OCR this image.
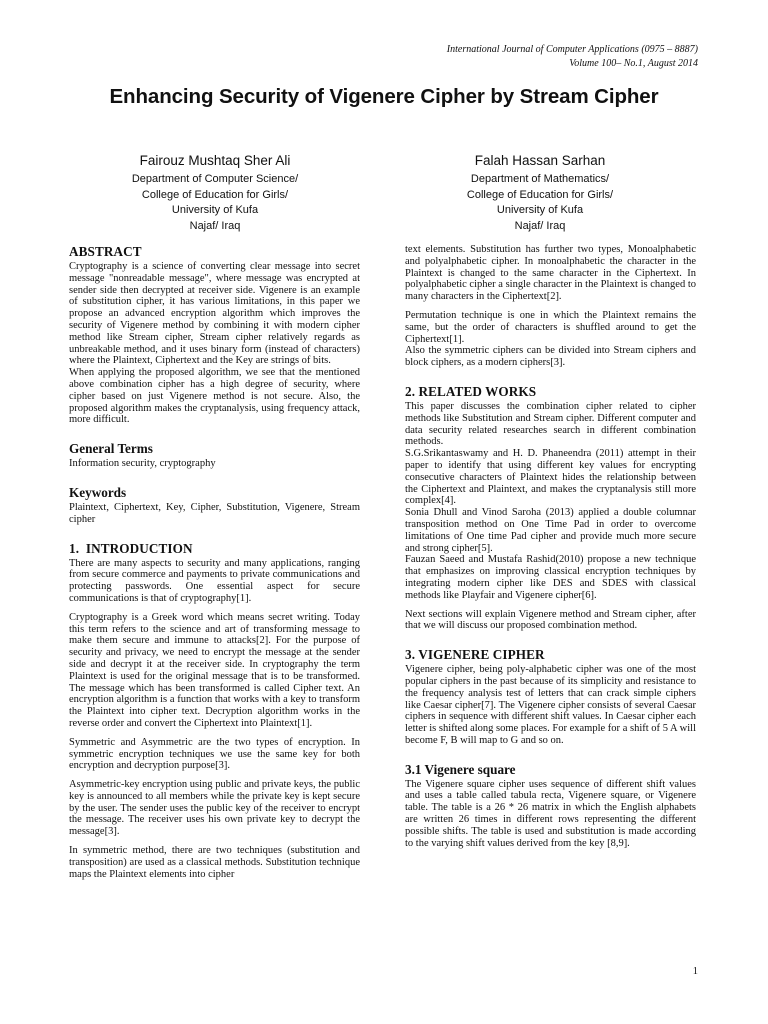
International Journal of Computer Applications (0975 – 8887)
Volume 100– No.1, August 2014
Enhancing Security of Vigenere Cipher by Stream Cipher
Fairouz Mushtaq Sher Ali
Department of Computer Science/
College of Education for Girls/
University of Kufa
Najaf/ Iraq
Falah Hassan Sarhan
Department of Mathematics/
College of Education for Girls/
University of Kufa
Najaf/ Iraq
ABSTRACT

Cryptography is a science of converting clear message into secret message "nonreadable message", where message was encrypted at sender side then decrypted at receiver side. Vigenere is an example of substitution cipher, it has various limitations, in this paper we propose an advanced encryption algorithm which improves the security of Vigenere method by combining it with modern cipher method like Stream cipher, Stream cipher relatively regards as unbreakable method, and it uses binary form (instead of characters) where the Plaintext, Ciphertext and the Key are strings of bits.

When applying the proposed algorithm, we see that the mentioned above combination cipher has a high degree of security, where cipher based on just Vigenere method is not secure. Also, the proposed algorithm makes the cryptanalysis, using frequency attack, more difficult.

General Terms

Information security, cryptography

Keywords

Plaintext, Ciphertext, Key, Cipher, Substitution, Vigenere, Stream cipher

1.  INTRODUCTION

There are many aspects to security and many applications, ranging from secure commerce and payments to private communications and protecting passwords. One essential aspect for secure communications is that of cryptography[1].

Cryptography is a Greek word which means secret writing. Today this term refers to the science and art of transforming message to make them secure and immune to attacks[2]. For the purpose of security and privacy, we need to encrypt the message at the sender side and decrypt it at the receiver side. In cryptography the term Plaintext is used for the original message that is to be transformed. The message which has been transformed is called Cipher text. An encryption algorithm is a function that works with a key to transform the Plaintext into cipher text. Decryption algorithm works in the reverse order and convert the Ciphertext into Plaintext[1].

Symmetric and Asymmetric are the two types of encryption. In symmetric encryption techniques we use the same key for both encryption and decryption purpose[3].

Asymmetric-key encryption using public and private keys, the public key is announced to all members while the private key is kept secure by the user. The sender uses the public key of the receiver to encrypt the message. The receiver uses his own private key to decrypt the message[3].

In symmetric method, there are two techniques (substitution and transposition) are used as a classical methods. Substitution technique maps the Plaintext elements into cipher

text elements. Substitution has further two types, Monoalphabetic and polyalphabetic cipher. In monoalphabetic the character in the Plaintext is changed to the same character in the Ciphertext. In polyalphabetic cipher a single character in the Plaintext is changed to many characters in the Ciphertext[2].

Permutation technique is one in which the Plaintext remains the same, but the order of characters is shuffled around to get the Ciphertext[1].

Also the symmetric ciphers can be divided into Stream ciphers and block ciphers, as a modern ciphers[3].

2. RELATED WORKS

This paper discusses the combination cipher related to cipher methods like Substitution and Stream cipher. Different computer and data security related researches search in different combination methods.

S.G.Srikantaswamy and H. D. Phaneendra (2011) attempt in their paper to identify that using different key values for encrypting consecutive characters of Plaintext hides the relationship between the Ciphertext and Plaintext, and makes the cryptanalysis still more complex[4].

Sonia Dhull and Vinod Saroha (2013) applied a double columnar transposition method on One Time Pad in order to overcome limitations of One time Pad cipher and provide much more secure and strong cipher[5].

Fauzan Saeed and Mustafa Rashid(2010) propose a new technique that emphasizes on improving classical encryption techniques by integrating modern cipher like DES and SDES with classical methods like Playfair and Vigenere cipher[6].

Next sections will explain Vigenere method and Stream cipher, after that we will discuss our proposed combination method.

3. VIGENERE CIPHER

Vigenere cipher, being poly-alphabetic cipher was one of the most popular ciphers in the past because of its simplicity and resistance to the frequency analysis test of letters that can crack simple ciphers like Caesar cipher[7]. The Vigenere cipher consists of several Caesar ciphers in sequence with different shift values. In Caesar cipher each letter is shifted along some places. For example for a shift of 5 A will become F, B will map to G and so on.

3.1 Vigenere square

The Vigenere square cipher uses sequence of different shift values and uses a table called tabula recta, Vigenere square, or Vigenere table. The table is a 26 * 26 matrix in which the English alphabets are written 26 times in different rows representing the different possible shifts. The table is used and substitution is made according to the varying shift values derived from the key [8,9].

1
